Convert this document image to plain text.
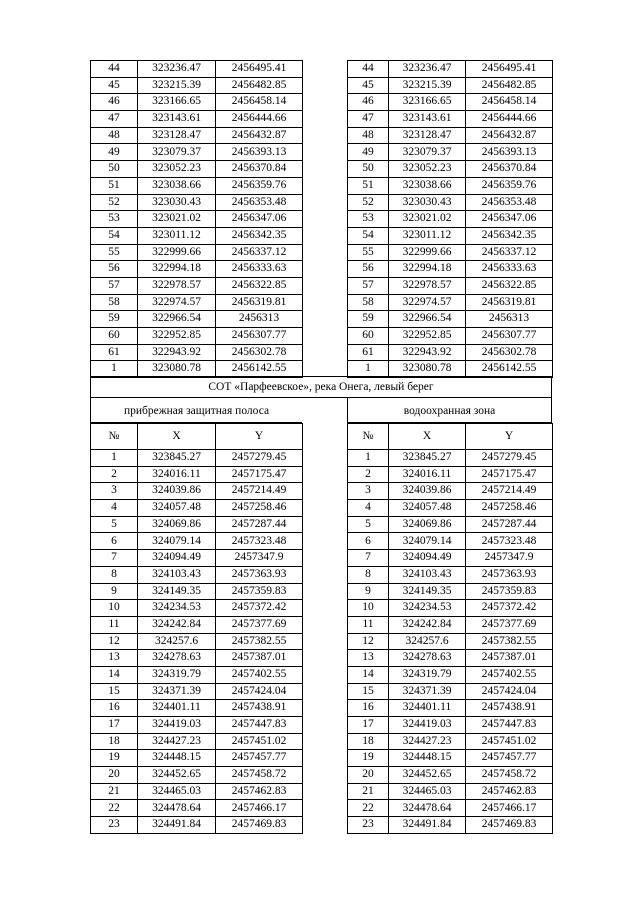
44	323236.47	2456495.41		44	323236.47	2456495.41
45	323215.39	2456482.85		45	323215.39	2456482.85
46	323166.65	2456458.14		46	323166.65	2456458.14
47	323143.61	2456444.66		47	323143.61	2456444.66
48	323128.47	2456432.87		48	323128.47	2456432.87
49	323079.37	2456393.13		49	323079.37	2456393.13
50	323052.23	2456370.84		50	323052.23	2456370.84
51	323038.66	2456359.76		51	323038.66	2456359.76
52	323030.43	2456353.48		52	323030.43	2456353.48
53	323021.02	2456347.06		53	323021.02	2456347.06
54	323011.12	2456342.35		54	323011.12	2456342.35
55	322999.66	2456337.12		55	322999.66	2456337.12
56	322994.18	2456333.63		56	322994.18	2456333.63
57	322978.57	2456322.85		57	322978.57	2456322.85
58	322974.57	2456319.81		58	322974.57	2456319.81
59	322966.54	2456313		59	322966.54	2456313
60	322952.85	2456307.77		60	322952.85	2456307.77
61	322943.92	2456302.78		61	322943.92	2456302.78
1	323080.78	2456142.55		1	323080.78	2456142.55
СОТ «Парфеевское», река Онега, левый берег
прибрежная защитная полоса	водоохранная зона
№	X	Y		№	X	Y
1	323845.27	2457279.45		1	323845.27	2457279.45
2	324016.11	2457175.47		2	324016.11	2457175.47
3	324039.86	2457214.49		3	324039.86	2457214.49
4	324057.48	2457258.46		4	324057.48	2457258.46
5	324069.86	2457287.44		5	324069.86	2457287.44
6	324079.14	2457323.48		6	324079.14	2457323.48
7	324094.49	2457347.9		7	324094.49	2457347.9
8	324103.43	2457363.93		8	324103.43	2457363.93
9	324149.35	2457359.83		9	324149.35	2457359.83
10	324234.53	2457372.42		10	324234.53	2457372.42
11	324242.84	2457377.69		11	324242.84	2457377.69
12	324257.6	2457382.55		12	324257.6	2457382.55
13	324278.63	2457387.01		13	324278.63	2457387.01
14	324319.79	2457402.55		14	324319.79	2457402.55
15	324371.39	2457424.04		15	324371.39	2457424.04
16	324401.11	2457438.91		16	324401.11	2457438.91
17	324419.03	2457447.83		17	324419.03	2457447.83
18	324427.23	2457451.02		18	324427.23	2457451.02
19	324448.15	2457457.77		19	324448.15	2457457.77
20	324452.65	2457458.72		20	324452.65	2457458.72
21	324465.03	2457462.83		21	324465.03	2457462.83
22	324478.64	2457466.17		22	324478.64	2457466.17
23	324491.84	2457469.83		23	324491.84	2457469.83
